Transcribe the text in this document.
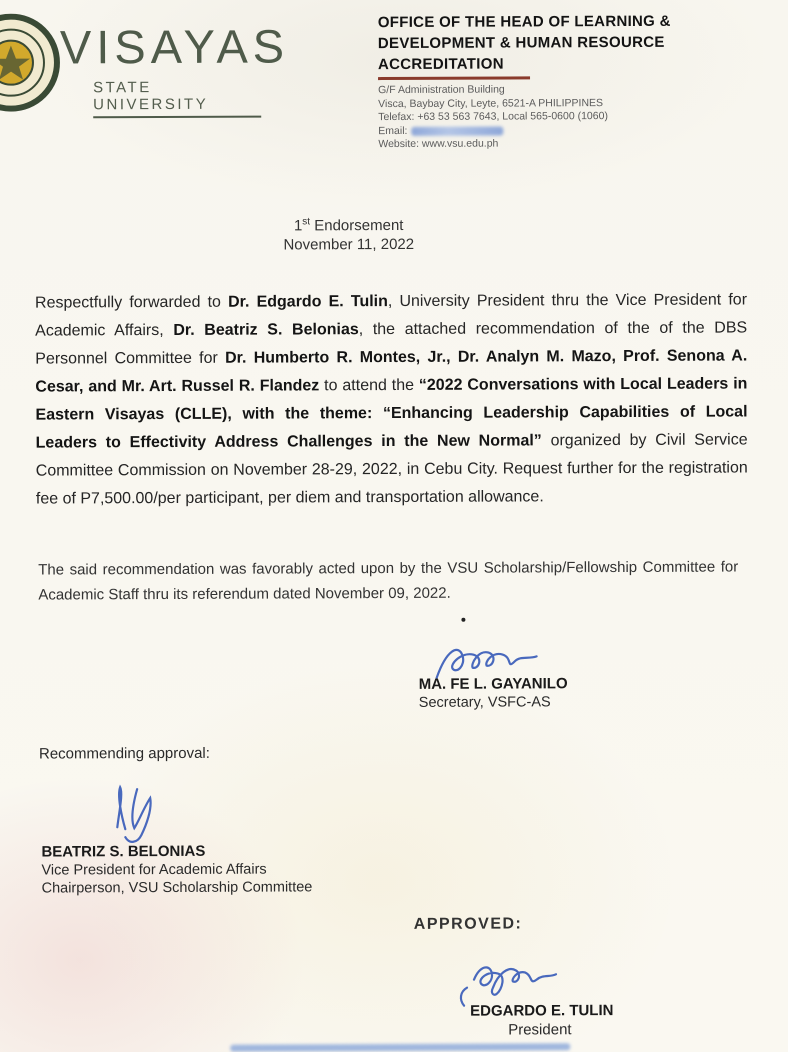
VISAYAS
STATE UNIVERSITY
OFFICE OF THE HEAD OF LEARNING &
DEVELOPMENT & HUMAN RESOURCE
ACCREDITATION
G/F Administration Building
Visca, Baybay City, Leyte, 6521-A PHILIPPINES
Telefax: +63 53 563 7643, Local 565-0600 (1060)
Email:
Website: www.vsu.edu.ph
1st Endorsement
November 11, 2022

Respectfully forwarded to Dr. Edgardo E. Tulin, University President thru the Vice President for Academic Affairs, Dr. Beatriz S. Belonias, the attached recommendation of the of the DBS Personnel Committee for Dr. Humberto R. Montes, Jr., Dr. Analyn M. Mazo, Prof. Senona A. Cesar, and Mr. Art. Russel R. Flandez to attend the “2022 Conversations with Local Leaders in Eastern Visayas (CLLE), with the theme: “Enhancing Leadership Capabilities of Local Leaders to Effectivity Address Challenges in the New Normal” organized by Civil Service Committee Commission on November 28-29, 2022, in Cebu City. Request further for the registration fee of P7,500.00/per participant, per diem and transportation allowance.

The said recommendation was favorably acted upon by the VSU Scholarship/Fellowship Committee for Academic Staff thru its referendum dated November 09, 2022.

MA. FE L. GAYANILO
Secretary, VSFC-AS
Recommending approval:
BEATRIZ S. BELONIAS
Vice President for Academic Affairs
Chairperson, VSU Scholarship Committee
APPROVED:
EDGARDO E. TULIN
President
